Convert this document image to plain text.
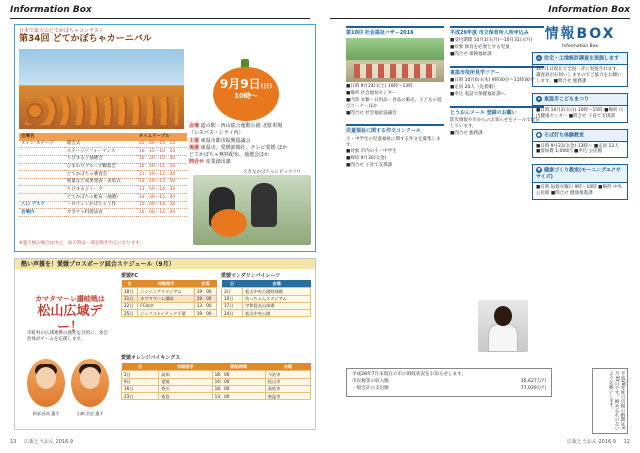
Information Box
日本で最大のどてかぼちゃコンテスト
第34回 どてかぼちゃカーニバル
9月9日(日)
10時〜
会場 道の駅・西山総合運動公園 北駐車場
（レスパス・シティ内）
主催 東温市都市振興協議会
後援 東温市、愛媛新聞社、テレビ愛媛 ほか
どてかぼちゃ無料配布、抽選会ほか
問合せ 産業創出課
会場名		タイムテーブル
メイン ステージ	開会式	10：00〜10：15
	ステージパフォーマンス	10：15〜10：20
	ちびまる子抽選会	10：20〜10：40
	ひまわりグループ観賞会	10：40〜11：10
	どてかぼちゃ審査会	11：20〜12：00
	重量など成果発表・表彰式	13：20〜13：50
	ちびまる子トーク	13：50〜14：30
	どてかぼちゃ配布（抽選）	14：30〜15：00
入口 デスク	ハロウィンかぼちゃ工作	10：00〜14：30
会場内	カボチャ料理試食	10：00〜14：00
大きなかぼちゃにビックリ!!
※悪天候の場合は中止。雨天時は一部を除き中止になります。
熱い声援を！愛媛プロスポーツ試合スケジュール（9月）
カマタマーレ讃岐戦は
松山広域デー！
市町村の広域連携の強化を目的に、各自治体がチームを応援します。
阿部 拓馬 選手	山崎 浩史 選手
愛媛FC
日	対戦相手	会場
18日	ニンジニアスタジアム	19：00
11日	カマタマーレ讃岐	19：00
22日	FC岐阜	13：00
25日	ジェフユナイテッド千葉	19：00
愛媛マンダリンパイレーツ
日	会場
3日	松山中央公園野球場
10日	坊っちゃんスタジアム
17日	宇和島丸山球場
24日	松山中央公園
愛媛オレンジバイキングス
日	対戦相手	開始時間	会場
2日	高知	18：00	今治市
9日	愛媛	14：00	松山市
16日	香川	18：00	高松市
23日	徳島	13：00	東温市
13 広報とうおん 2016.9
Information Box
第10回 社会福祉バザー2016
■日時 9月24日(土) 10時〜13時
■場所 社会福祉センター
■内容 衣類・日用品・食品の販売、子どもの遊びコーナーほか
■問合せ 社会福祉協議会
児童福祉に関する作文コンクール
小・中学生の児童福祉に関する作文を募集します。
■対象 市内の小・中学生
■締切 9月30日(金)
■問合せ 子育て支援課
平成29年度 市立保育所入所申込み
■受付期間 10月3日(月)〜10月31日(月)
■対象 保育を必要とする児童
■問合せ 保険福祉課
東温市役所見学ツアー
■日時 10月6日(木) 9時30分〜11時30分
■定員 20人（先着順）
■申込 電話で保健福祉課へ
とうおんメール 登録のお願い
防災情報や市からのお知らせをメールで配信しています。
■問合せ 総務課
情報BOX
Information Box
⌂ 住宅・土地統計調査を実施します
10月1日現在で全国一斉に実施されます。調査員がお伺いしますのでご協力をお願いします。■問合せ 総務課
★ 東温市こどもまつり
■日時 10月2日(日) 10時〜15時 ■場所 川内健康センター ■問合せ 子育て支援課
● そば打ち体験教室
■日時 9月23日(金) 13時〜 ■定員 12人 ■参加費 1,000円 ■申込 公民館
♥ 健康づくり教室(モーニングエクササイズ)
■日時 毎週火曜日 9時〜10時 ■場所 中央公民館 ■問合せ 健康推進課
平成28年7月末現在の市の財政状況をお知らせします。
市民税等の収入額	35,627万円
一般会計の支出額	77,029万円	平成28年度の市税の納期は9月30日です。納め忘れのないようお願いします。
広報とうおん 2016.9 12
